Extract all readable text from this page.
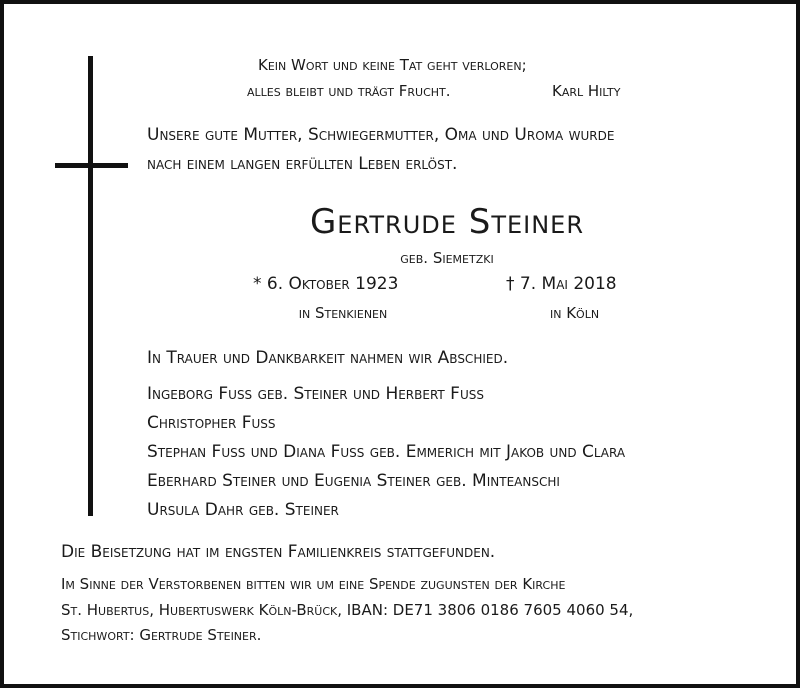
Kein Wort und keine Tat geht verloren;
alles bleibt und trägt Frucht.	Karl Hilty
Unsere gute Mutter, Schwiegermutter, Oma und Uroma wurde
nach einem langen erfüllten Leben erlöst.
Gertrude Steiner
geb. Siemetzki
* 6. Oktober 1923	† 7. Mai 2018
in Stenkienen	in Köln
In Trauer und Dankbarkeit nahmen wir Abschied.
Ingeborg Fuss geb. Steiner und Herbert Fuss
Christopher Fuss
Stephan Fuss und Diana Fuss geb. Emmerich mit Jakob und Clara
Eberhard Steiner und Eugenia Steiner geb. Minteanschi
Ursula Dahr geb. Steiner
Die Beisetzung hat im engsten Familienkreis stattgefunden.
Im Sinne der Verstorbenen bitten wir um eine Spende zugunsten der Kirche
St. Hubertus, Hubertuswerk Köln-Brück, IBAN: DE71 3806 0186 7605 4060 54,
Stichwort: Gertrude Steiner.
